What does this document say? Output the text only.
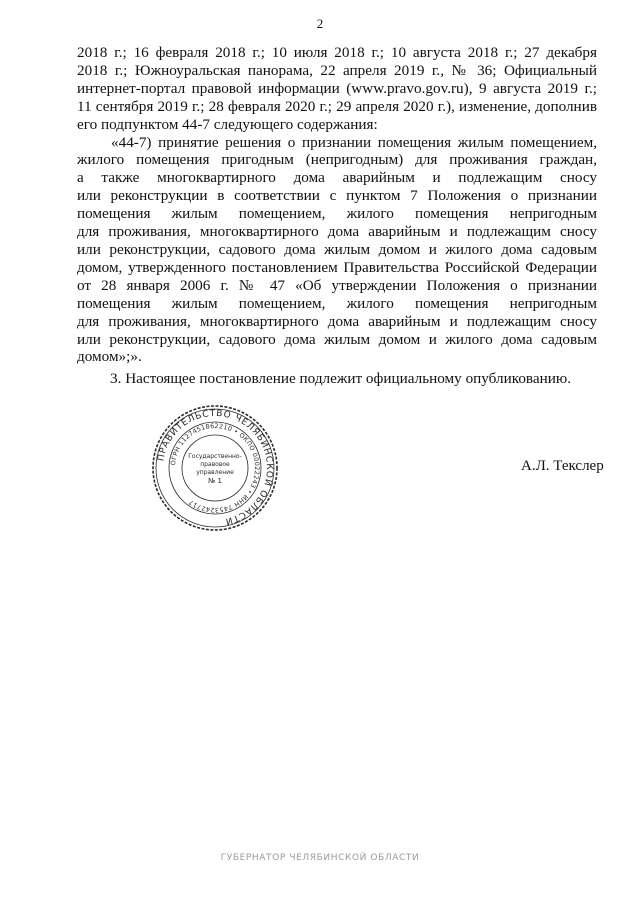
2
2018 г.; 16 февраля 2018 г.; 10 июля 2018 г.; 10 августа 2018 г.; 27 декабря
2018 г.; Южноуральская панорама, 22 апреля 2019 г., № 36; Официальный
интернет-портал правовой информации (www.pravo.gov.ru), 9 августа 2019 г.;
11 сентября 2019 г.; 28 февраля 2020 г.; 29 апреля 2020 г.), изменение, дополнив
его подпунктом 44-7 следующего содержания:
«44-7) принятие решения о признании помещения жилым помещением,
жилого помещения пригодным (непригодным) для проживания граждан,
а также многоквартирного дома аварийным и подлежащим сносу
или реконструкции в соответствии с пунктом 7 Положения о признании
помещения жилым помещением, жилого помещения непригодным
для проживания, многоквартирного дома аварийным и подлежащим сносу
или реконструкции, садового дома жилым домом и жилого дома садовым
домом, утвержденного постановлением Правительства Российской Федерации
от 28 января 2006 г. № 47 «Об утверждении Положения о признании
помещения жилым помещением, жилого помещения непригодным
для проживания, многоквартирного дома аварийным и подлежащим сносу
или реконструкции, садового дома жилым домом и жилого дома садовым
домом»;».
3. Настоящее постановление подлежит официальному опубликованию.
ПРАВИТЕЛЬСТВО ЧЕЛЯБИНСКОЙ ОБЛАСТИ
ОГРН 1127451862210 • ОКПО 00022243 • ИНН 7453242717
Государственно-
правовое
управление
№ 1
А.Л. Текслер
ГУБЕРНАТОР ЧЕЛЯБИНСКОЙ ОБЛАСТИ
